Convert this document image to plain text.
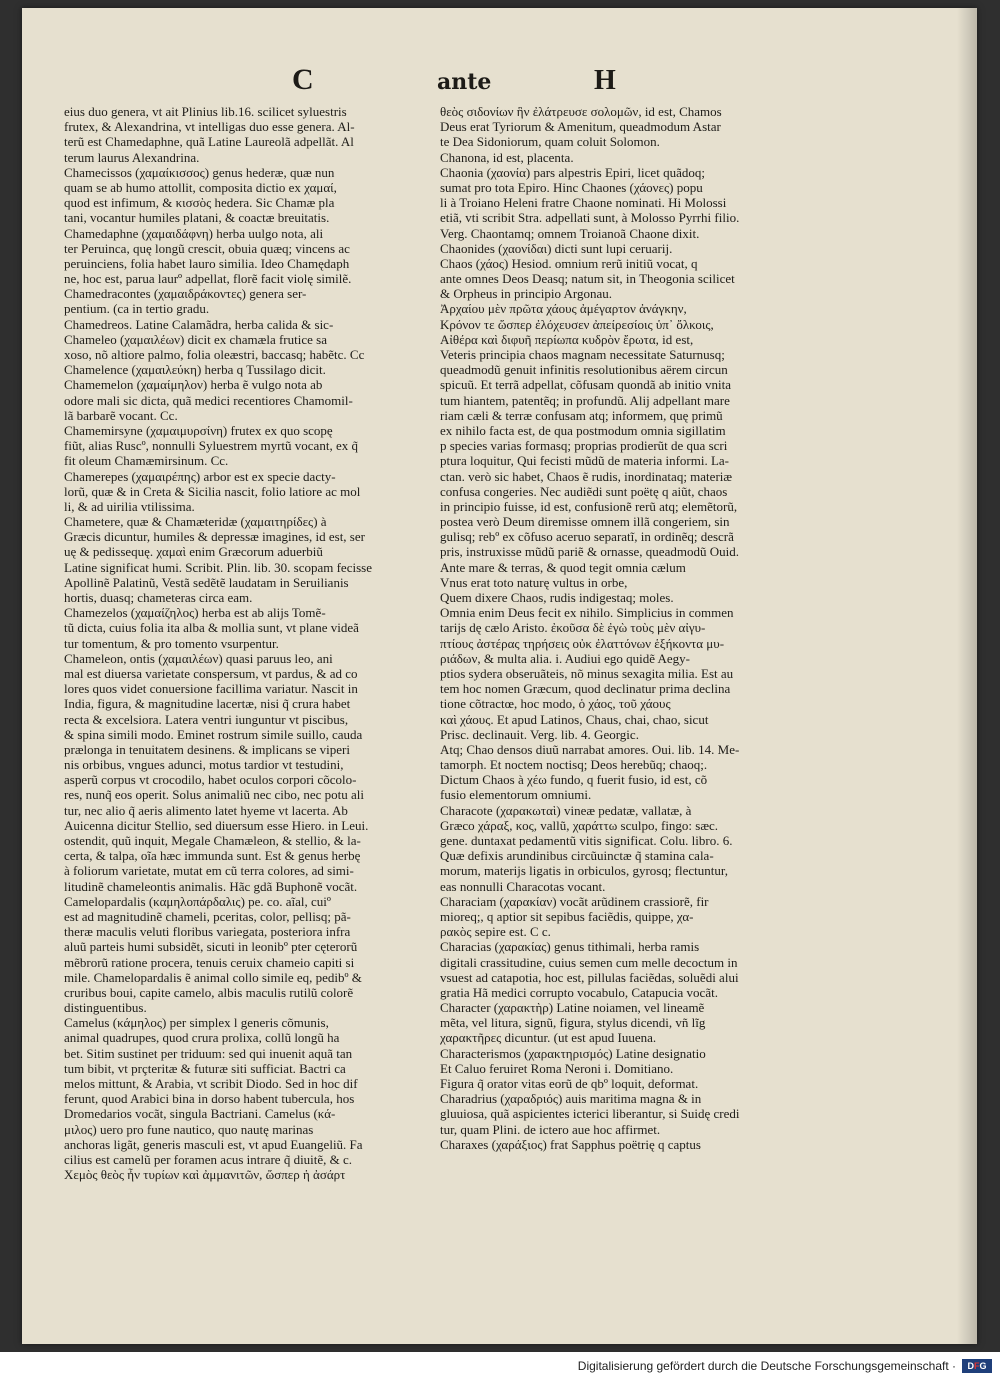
C	ante	H
eius duo genera, vt ait Plinius lib.16. scilicet syluestris
frutex, & Alexandrina, vt intelligas duo esse genera. Al-
terũ est Chamedaphne, quã Latine Laureolã adpellãt. Al
terum laurus Alexandrina.
Chamecissos (χαμαίκισσος) genus hederæ, quæ nun
quam se ab humo attollit, composita dictio ex χαμαί,
quod est infimum, & κισσὸς hedera. Sic Chamæ pla
tani, vocantur humiles platani, & coactæ breuitatis.
Chamedaphne (χαμαιδάφνη) herba uulgo nota, ali
ter Peruinca, quę longũ crescit, obuia quæq; vincens ac
peruinciens, folia habet lauro similia. Ideo Chamędaph
ne, hoc est, parua laurº adpellat, florẽ facit violę similẽ.
Chamedracontes (χαμαιδράκοντες) genera ser-
pentium. (ca in tertio gradu.
Chamedreos. Latine Calamãdra, herba calida & sic-
Chameleo (χαμαιλέων) dicit ex chamæla frutice sa
xoso, nõ altiore palmo, folia oleæstri, baccasq; habẽtc. Cc
Chamelence (χαμαιλεύκη) herba q Tussilago dicit.
Chamemelon (χαμαίμηλον) herba ẽ vulgo nota ab
odore mali sic dicta, quã medici recentiores Chamomil-
lã barbarẽ vocant. Cc.
Chamemirsyne (χαμαιμυρσίνη) frutex ex quo scopę
fiũt, alias Ruscº, nonnulli Syluestrem myrtũ vocant, ex q̃
fit oleum Chamæmirsinum. Cc.
Chamerepes (χαμαιρέπης) arbor est ex specie dacty-
lorũ, quæ & in Creta & Sicilia nascit, folio latiore ac mol
li, & ad uirilia vtilissima.
Chametere, quæ & Chamæteridæ (χαμαιτηρίδες) à
Græcis dicuntur, humiles & depressæ imagines, id est, ser
uę & pedissequę. χαμαὶ enim Græcorum aduerbiũ
Latine significat humi. Scribit. Plin. lib. 30. scopam fecisse
Apollinẽ Palatinũ, Vestã sedẽtẽ laudatam in Seruilianis
hortis, duasq; chameteras circa eam.
Chamezelos (χαμαίζηλος) herba est ab alijs Tomẽ-
tũ dicta, cuius folia ita alba & mollia sunt, vt plane videã
tur tomentum, & pro tomento vsurpentur.
Chameleon, ontis (χαμαιλέων) quasi paruus leo, ani
mal est diuersa varietate conspersum, vt pardus, & ad co
lores quos videt conuersione facillima variatur. Nascit in
India, figura, & magnitudine lacertæ, nisi q̃ crura habet
recta & excelsiora. Latera ventri iunguntur vt piscibus,
& spina simili modo. Eminet rostrum simile suillo, cauda
prælonga in tenuitatem desinens. & implicans se viperi
nis orbibus, vngues adunci, motus tardior vt testudini,
asperũ corpus vt crocodilo, habet oculos corpori cõcolo-
res, nunq̃ eos operit. Solus animaliũ nec cibo, nec potu ali
tur, nec alio q̃ aeris alimento latet hyeme vt lacerta. Ab
Auicenna dicitur Stellio, sed diuersum esse Hiero. in Leui.
ostendit, quũ inquit, Megale Chamæleon, & stellio, & la-
certa, & talpa, oĩa hæc immunda sunt. Est & genus herbę
à foliorum varietate, mutat em cũ terra colores, ad simi-
litudinẽ chameleontis animalis. Hãc gdã Buphonẽ vocãt.
Camelopardalis (καμηλοπάρδαλις) pe. co. aĩal, cuiº
est ad magnitudinẽ chameli, pceritas, color, pellisq; pã-
theræ maculis veluti floribus variegata, posteriora infra
aluũ parteis humi subsidẽt, sicuti in leonibº pter cęterorũ
mẽbrorũ ratione procera, tenuis ceruix chameio capiti si
mile. Chamelopardalis ẽ animal collo simile eq, pedibº &
cruribus boui, capite camelo, albis maculis rutilũ colorẽ
distinguentibus.
Camelus (κάμηλος) per simplex l generis cõmunis,
animal quadrupes, quod crura prolixa, collũ longũ ha
bet. Sitim sustinet per triduum: sed qui inuenit aquã tan
tum bibit, vt prçteritæ & futuræ siti sufficiat. Bactri ca
melos mittunt, & Arabia, vt scribit Diodo. Sed in hoc dif
ferunt, quod Arabici bina in dorso habent tubercula, hos
Dromedarios vocãt, singula Bactriani. Camelus (κά-
μιλος) uero pro fune nautico, quo nautę marinas
anchoras ligãt, generis masculi est, vt apud Euangeliũ. Fa
cilius est camelũ per foramen acus intrare q̃ diuitẽ, & c.
Χεμὸς θεὸς ἦν τυρίων καὶ ἀμμανιτῶν, ὥσπερ ἡ ἀσάρτ
θεὸς σιδονίων ἣν ἐλάτρευσε σολομῶν, id est, Chamos
Deus erat Tyriorum & Amenitum, queadmodum Astar
te Dea Sidoniorum, quam coluit Solomon.
Chanona, id est, placenta.
Chaonia (χαονία) pars alpestris Epiri, licet quãdoq;
sumat pro tota Epiro. Hinc Chaones (χάονες) popu
li à Troiano Heleni fratre Chaone nominati. Hi Molossi
etiã, vti scribit Stra. adpellati sunt, à Molosso Pyrrhi filio.
Verg. Chaontamq; omnem Troianoã Chaone dixit.
Chaonides (χαονίδαι) dicti sunt lupi ceruarij.
Chaos (χάος) Hesiod. omnium rerũ initiũ vocat, q
ante omnes Deos Deasq; natum sit, in Theogonia scilicet
& Orpheus in principio Argonau.
Ἀρχαίου μὲν πρῶτα χάους ἀμέγαρτον ἀνάγκην,
Κρόνον τε ὥσπερ ἐλόχευσεν ἀπείρεσίοις ὑπ᾽ ὄλκοις,
Αἰθέρα καὶ διφυῆ περίωπα κυδρὸν ἔρωτα, id est,
Veteris principia chaos magnam necessitate Saturnusq;
queadmodũ genuit infinitis resolutionibus aërem circun
spicuũ. Et terrã adpellat, cõfusam quondã ab initio vnita
tum hiantem, patentẽq; in profundũ. Alij adpellant mare
riam cæli & terræ confusam atq; informem, quę primũ
ex nihilo facta est, de qua postmodum omnia sigillatim
p species varias formasq; proprias prodierũt de qua scri
ptura loquitur, Qui fecisti mũdũ de materia informi. La-
ctan. verò sic habet, Chaos ẽ rudis, inordinataq; materiæ
confusa congeries. Nec audiẽdi sunt poëtę q aiũt, chaos
in principio fuisse, id est, confusionẽ rerũ atq; elemẽtorũ,
postea verò Deum diremisse omnem illã congeriem, sin
gulisq; rebº ex cõfuso aceruo separatĩ, in ordinẽq; descrã
pris, instruxisse mũdũ pariẽ & ornasse, queadmodũ Ouid.
Ante mare & terras, & quod tegit omnia cælum
Vnus erat toto naturę vultus in orbe,
Quem dixere Chaos, rudis indigestaq; moles.
Omnia enim Deus fecit ex nihilo. Simplicius in commen
tarijs dę cælo Aristo. ἐκοῦσα δὲ ἐγὼ τοὺς μὲν αἰγυ-
πτίους ἀστέρας τηρήσεις οὐκ ἐλαττόνων ἑξήκοντα μυ-
ριάδων, & multa alia. i. Audiui ego quidẽ Aegy-
ptios sydera obseruãteis, nõ minus sexagita milia. Est au
tem hoc nomen Græcum, quod declinatur prima declina
tione cõtractœ, hoc modo, ὁ χάος, τοῦ χάους
καὶ χάους. Et apud Latinos, Chaus, chai, chao, sicut
Prisc. declinauit. Verg. lib. 4. Georgic.
Atq; Chao densos diuũ narrabat amores. Oui. lib. 14. Me-
tamorph. Et noctem noctisq; Deos herebũq; chaoq;.
Dictum Chaos à χέω fundo, q fuerit fusio, id est, cõ
fusio elementorum omniumi.
Characote (χαρακωταὶ) vineæ pedatæ, vallatæ, à
Græco χάραξ, κος, vallũ, χαράττω sculpo, fingo: sæc.
gene. duntaxat pedamentũ vitis significat. Colu. libro. 6.
Quæ defixis arundinibus circũuinctæ q̃ stamina cala-
morum, materijs ligatis in orbiculos, gyrosq; flectuntur,
eas nonnulli Characotas vocant.
Characiam (χαρακίαν) vocãt arũdinem crassiorẽ, fir
mioreq;, q aptior sit sepibus faciẽdis, quippe, χα-
ρακὸς sepire est. C c.
Characias (χαρακίας) genus tithimali, herba ramis
digitali crassitudine, cuius semen cum melle decoctum in
vsuest ad catapotia, hoc est, pillulas faciẽdas, soluẽdi alui
gratia Hã medici corrupto vocabulo, Catapucia vocãt.
Character (χαρακτὴρ) Latine noiamen, vel lineamẽ
mẽta, vel litura, signũ, figura, stylus dicendi, vñ lĩg
χαρακτῆρες dicuntur. (ut est apud Iuuena.
Characterismos (χαρακτηρισμός) Latine designatio
Et Caluo feruiret Roma Neroni i. Domitiano.
Figura q̃ orator vitas eorũ de qbº loquit, deformat.
Charadrius (χαραδριός) auis maritima magna & in
gluuiosa, quã aspicientes icterici liberantur, si Suidę credi
tur, quam Plini. de ictero aue hoc affirmet.
Charaxes (χαράξιος) frat Sapphus poëtrię q captus
Digitalisierung gefördert durch die Deutsche Forschungsgemeinschaft ·	DFG
